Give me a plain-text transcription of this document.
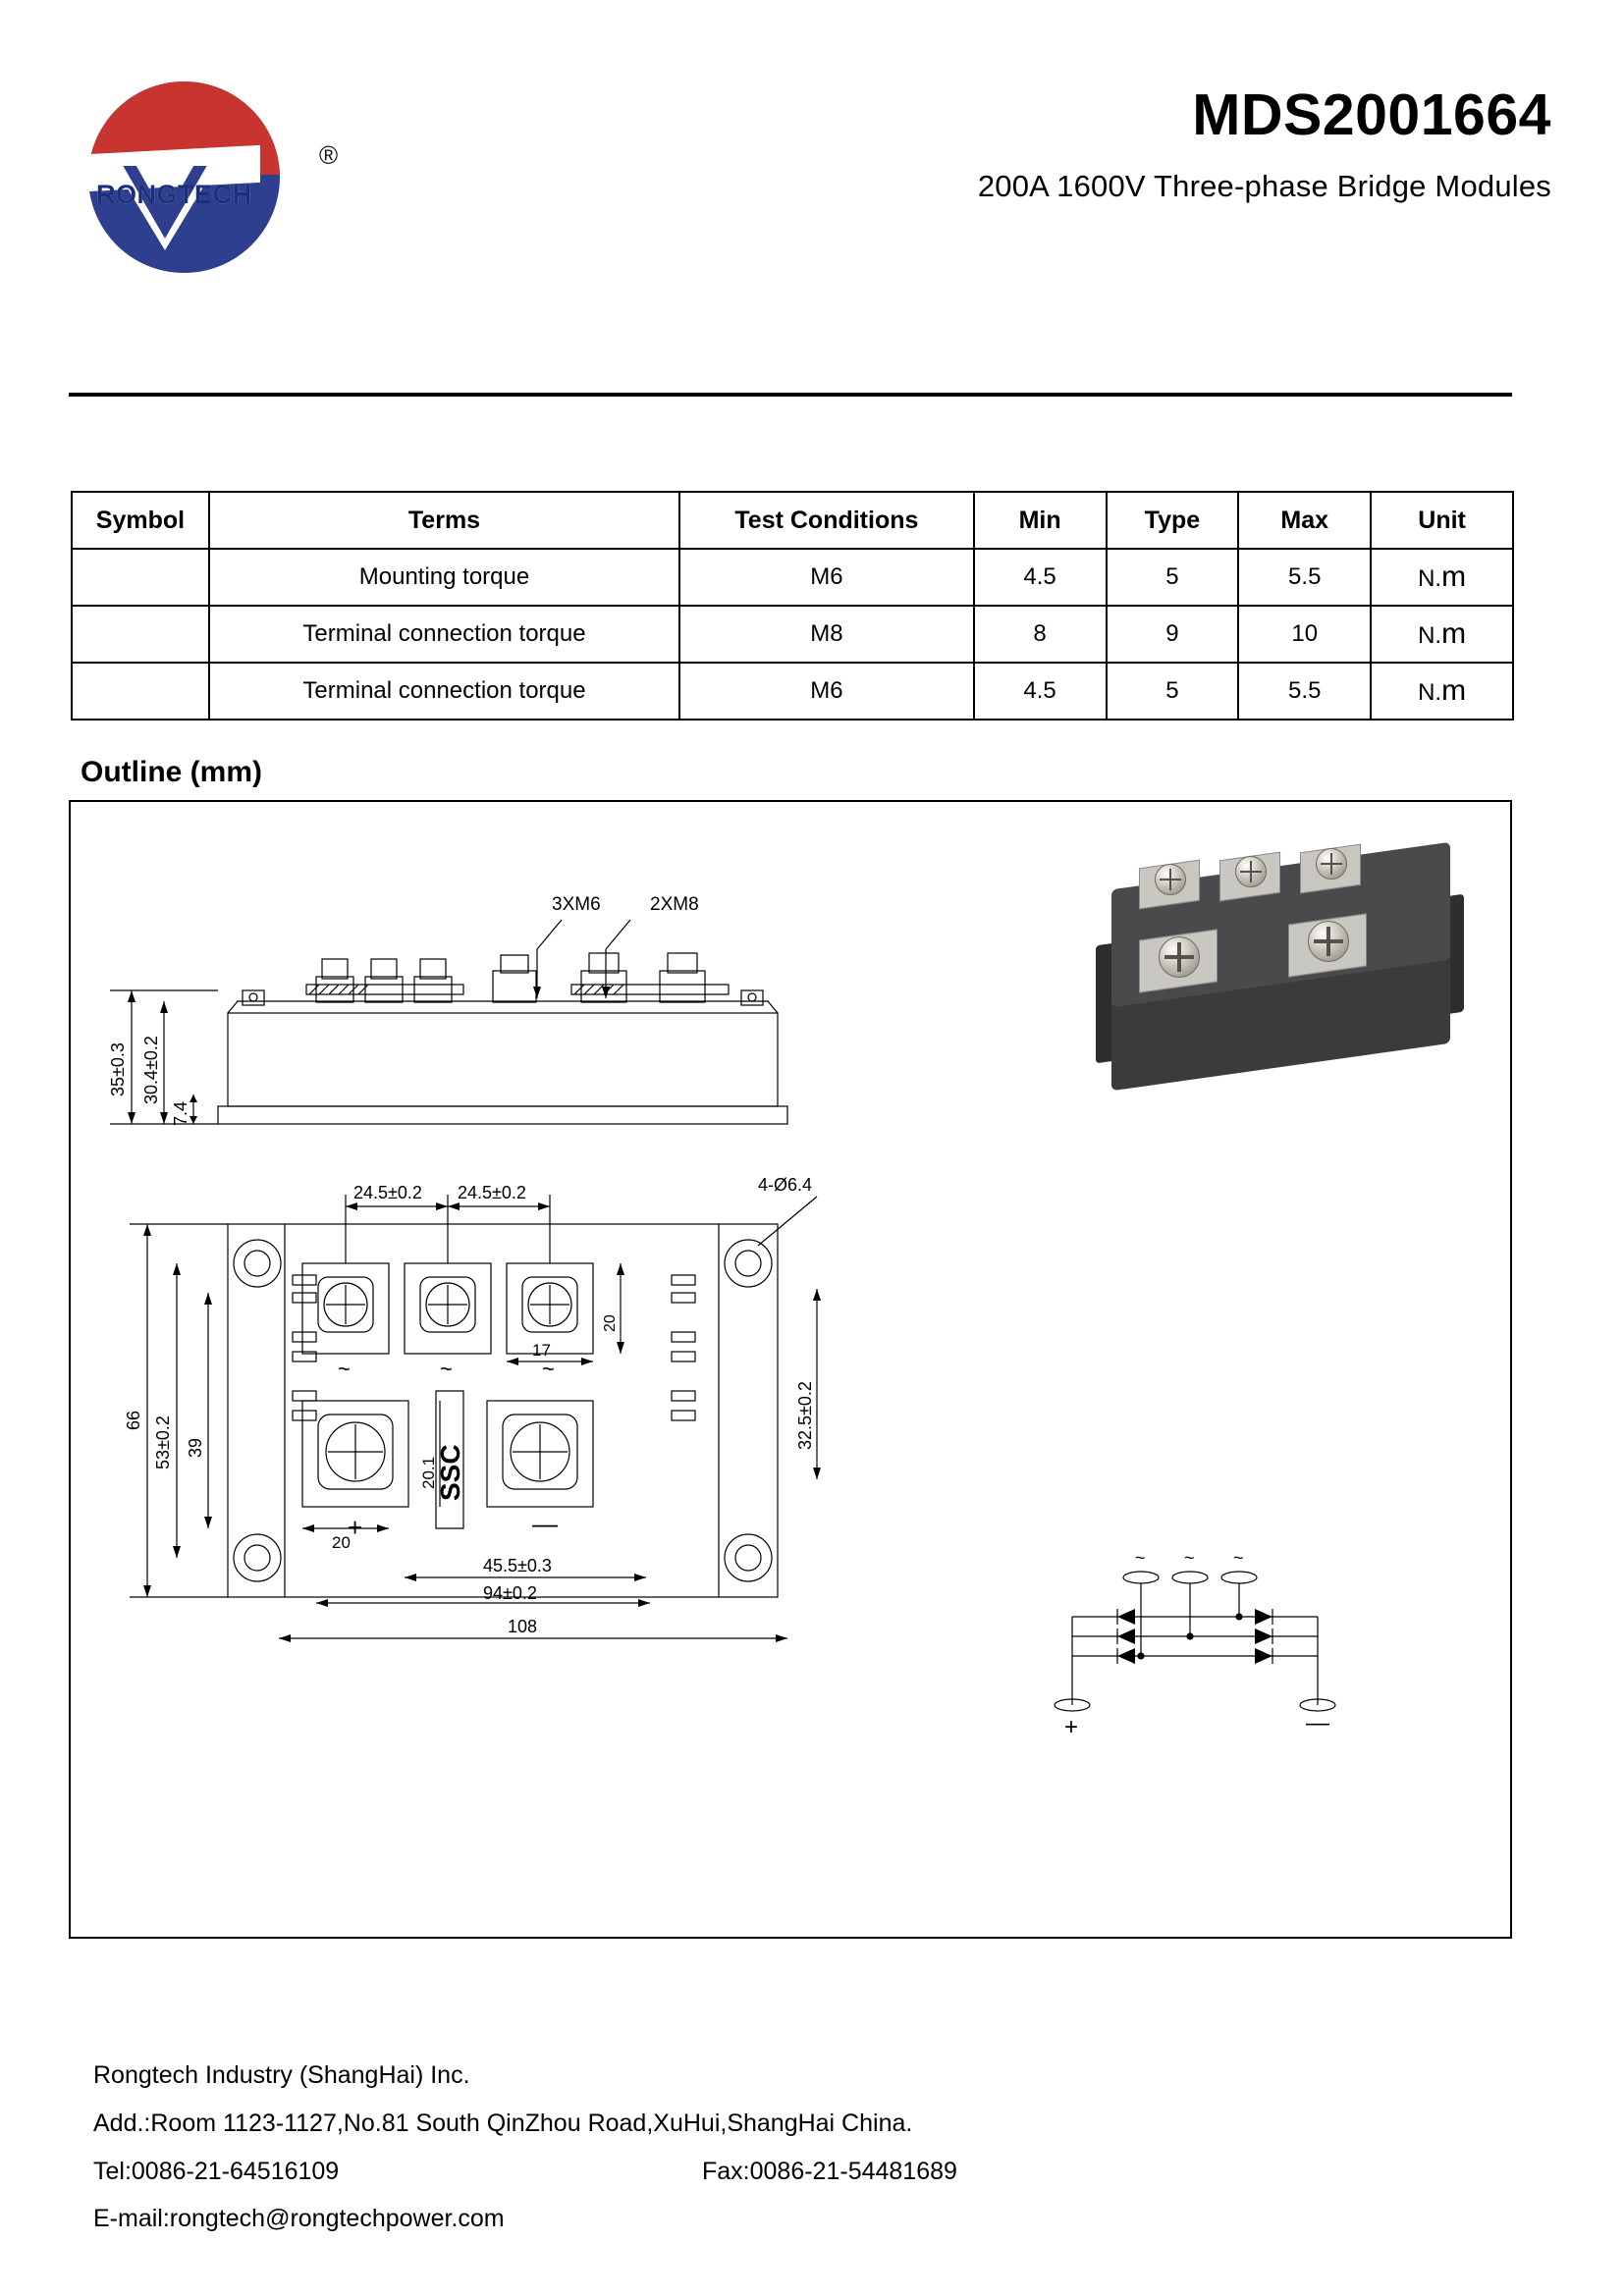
RONGTECH
®
MDS2001664
200A 1600V Three-phase Bridge Modules
Symbol	Terms	Test Conditions	Min	Type	Max	Unit
	Mounting torque	M6	4.5	5	5.5	N.m
	Terminal connection torque	M8	8	9	10	N.m
	Terminal connection torque	M6	4.5	5	5.5	N.m
Outline (mm)
3XM6	2XM8
35±0.3 30.4±0.2
7.4
SSC
~	~	~
+	—
24.5±0.2 24.5±0.2	4-Ø6.4
20
32.5±0.2
20.1
17
20
66 53±0.2 39
45.5±0.3
94±0.2
108
~ ~ ~
+	—
Rongtech Industry (ShangHai) Inc.
Add.:Room 1123-1127,No.81 South QinZhou Road,XuHui,ShangHai China.
Tel:0086-21-64516109	Fax:0086-21-54481689
E-mail:rongtech@rongtechpower.com
